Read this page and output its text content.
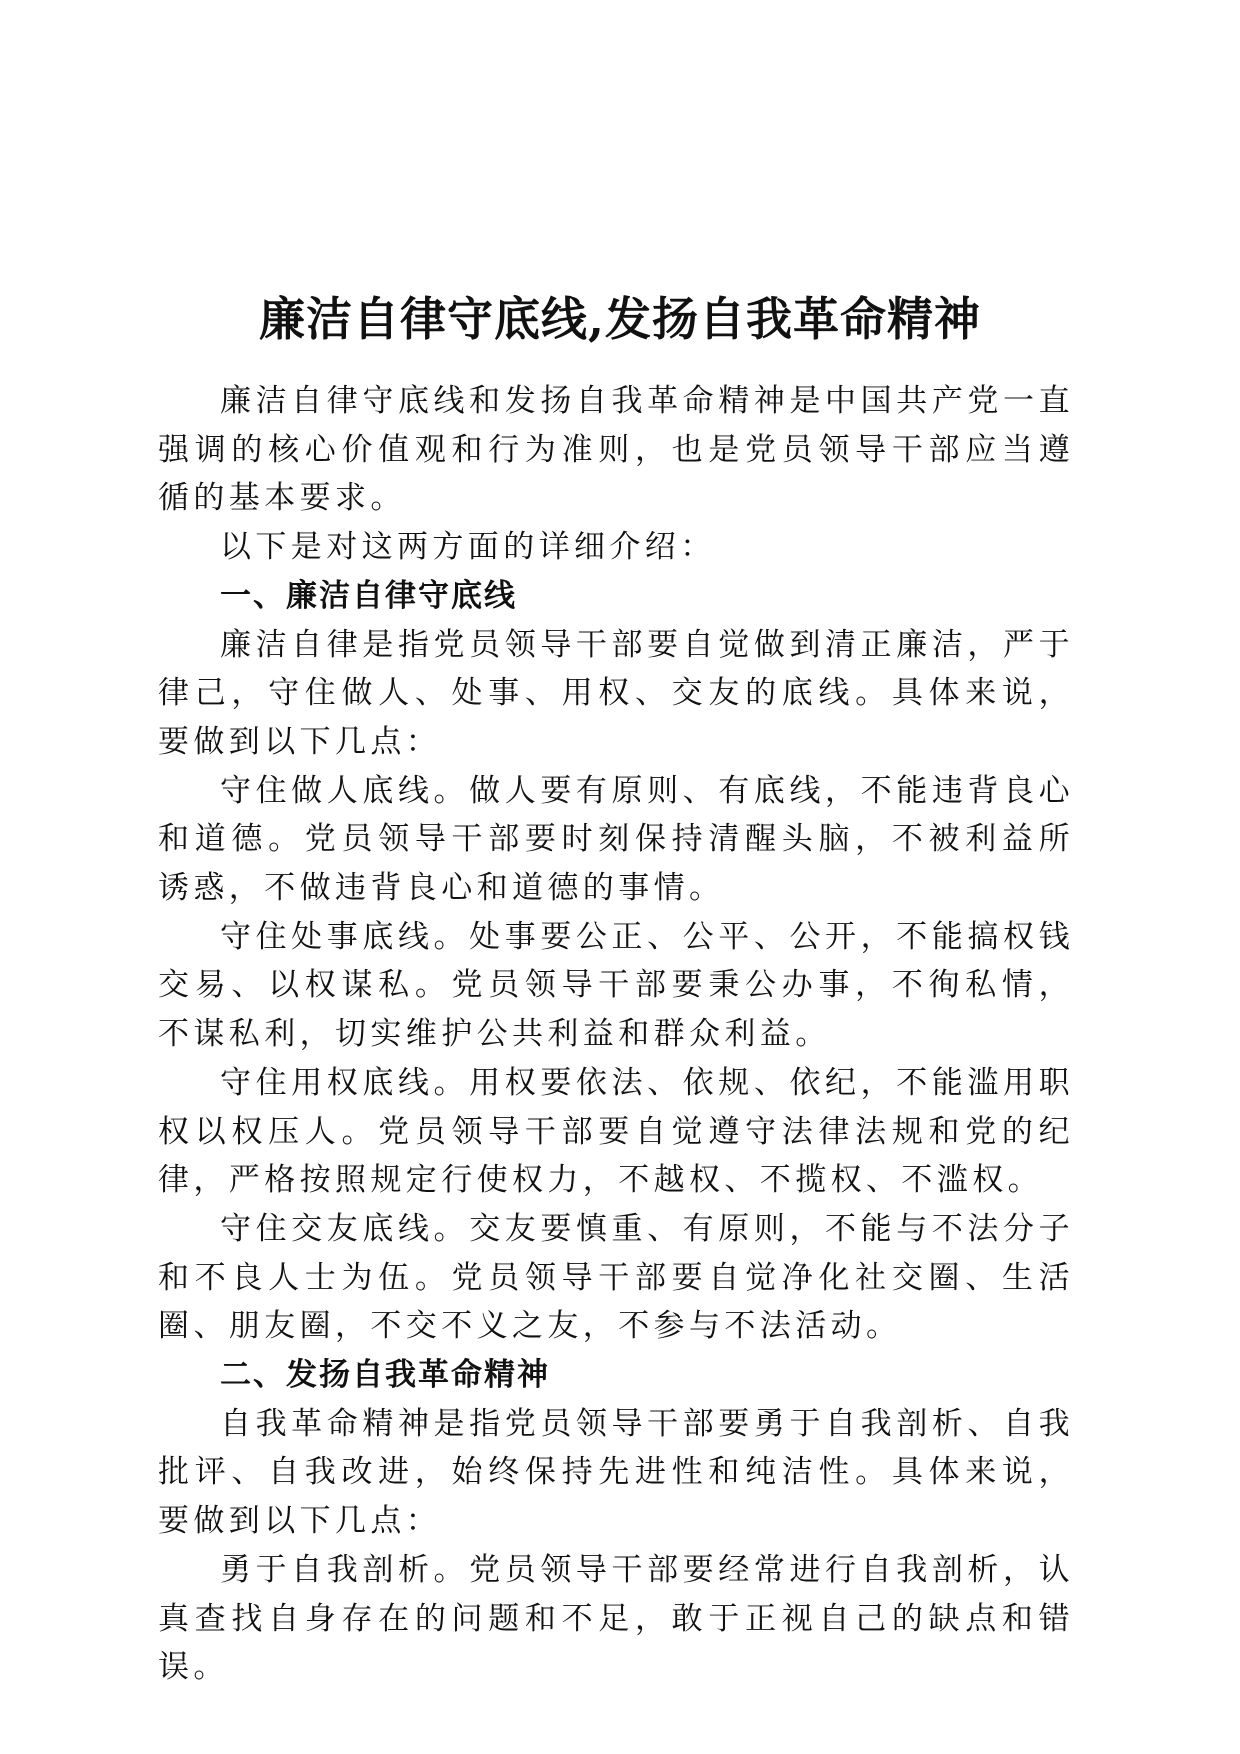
廉洁自律守底线,发扬自我革命精神

廉洁自律守底线和发扬自我革命精神是中国共产党一直强调的核心价值观和行为准则，也是党员领导干部应当遵循的基本要求。

以下是对这两方面的详细介绍：

一、廉洁自律守底线

廉洁自律是指党员领导干部要自觉做到清正廉洁，严于律己，守住做人、处事、用权、交友的底线。具体来说，要做到以下几点：

守住做人底线。做人要有原则、有底线，不能违背良心和道德。党员领导干部要时刻保持清醒头脑，不被利益所诱惑，不做违背良心和道德的事情。

守住处事底线。处事要公正、公平、公开，不能搞权钱交易、以权谋私。党员领导干部要秉公办事，不徇私情，不谋私利，切实维护公共利益和群众利益。

守住用权底线。用权要依法、依规、依纪，不能滥用职权以权压人。党员领导干部要自觉遵守法律法规和党的纪律，严格按照规定行使权力，不越权、不揽权、不滥权。

守住交友底线。交友要慎重、有原则，不能与不法分子和不良人士为伍。党员领导干部要自觉净化社交圈、生活圈、朋友圈，不交不义之友，不参与不法活动。

二、发扬自我革命精神

自我革命精神是指党员领导干部要勇于自我剖析、自我批评、自我改进，始终保持先进性和纯洁性。具体来说，要做到以下几点：

勇于自我剖析。党员领导干部要经常进行自我剖析，认真查找自身存在的问题和不足，敢于正视自己的缺点和错误。
